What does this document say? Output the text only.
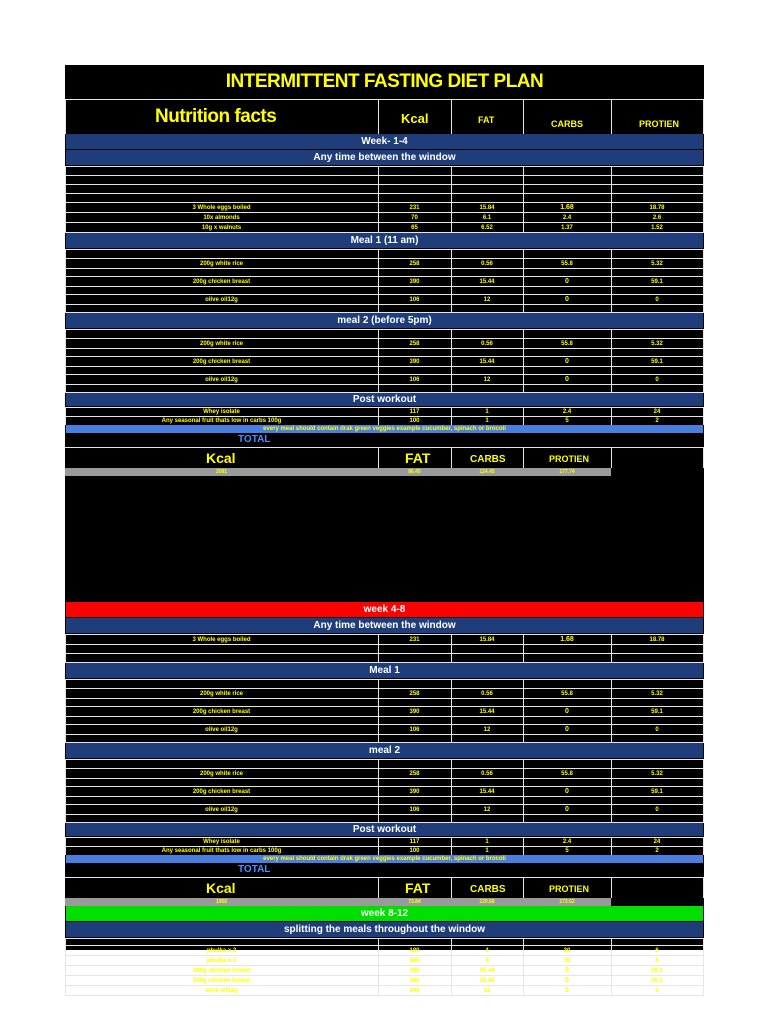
INTERMITTENT FASTING DIET PLAN
Nutrition facts	Kcal	FAT	CARBS	PROTIEN
Week- 1-4
Any time between the window
3 Whole eggs boiled	231	15.84	1.68	18.78
10x almonds	70	6.1	2.4	2.6
10g x walnuts	65	6.52	1.37	1.52
Meal 1 (11 am)
200g white rice	258	0.56	55.8	5.32
200g chicken breast	390	15.44	0	59.1
olive oil12g	106	12	0	0
meal 2 (before 5pm)
200g white rice	258	0.56	55.8	5.32
200g chicken breast	390	15.44	0	59.1
olive oil12g	106	12	0	0
Post workout
Whey isolate	117	1	2.4	24
Any seasonal fruit thats low in carbs 100g	100	1	5	2
every meal should contain drak green veggies example cucumber, spinach or brocoli
TOTAL
Kcal	FAT	CARBS	PROTIEN
2091	86.45	124.45	177.74
week 4-8
Any time between the window
3 Whole eggs boiled	231	15.84	1.68	18.78
Meal 1
200g white rice	258	0.56	55.8	5.32
200g chicken breast	390	15.44	0	59.1
olive oil12g	106	12	0	0
meal 2
200g white rice	258	0.56	55.8	5.32
200g chicken breast	390	15.44	0	59.1
olive oil12g	106	12	0	0
Post workout
Whey isolate	117	1	2.4	24
Any seasonal fruit thats low in carbs 100g	100	1	5	2
every meal should contain drak green veggies example cucumber, spinach or brocoli
TOTAL
Kcal	FAT	CARBS	PROTIEN
1956	73.84	120.68	173.62
week 8-12
splitting the meals throughout the window
phulka x 2	180	4	30	6
phulka x 2	180	4	30	6
200g chicken breast	390	15.44	0	59.1
200g chicken breast	390	15.44	0	59.1
olive oil12g	106	12	0	0
